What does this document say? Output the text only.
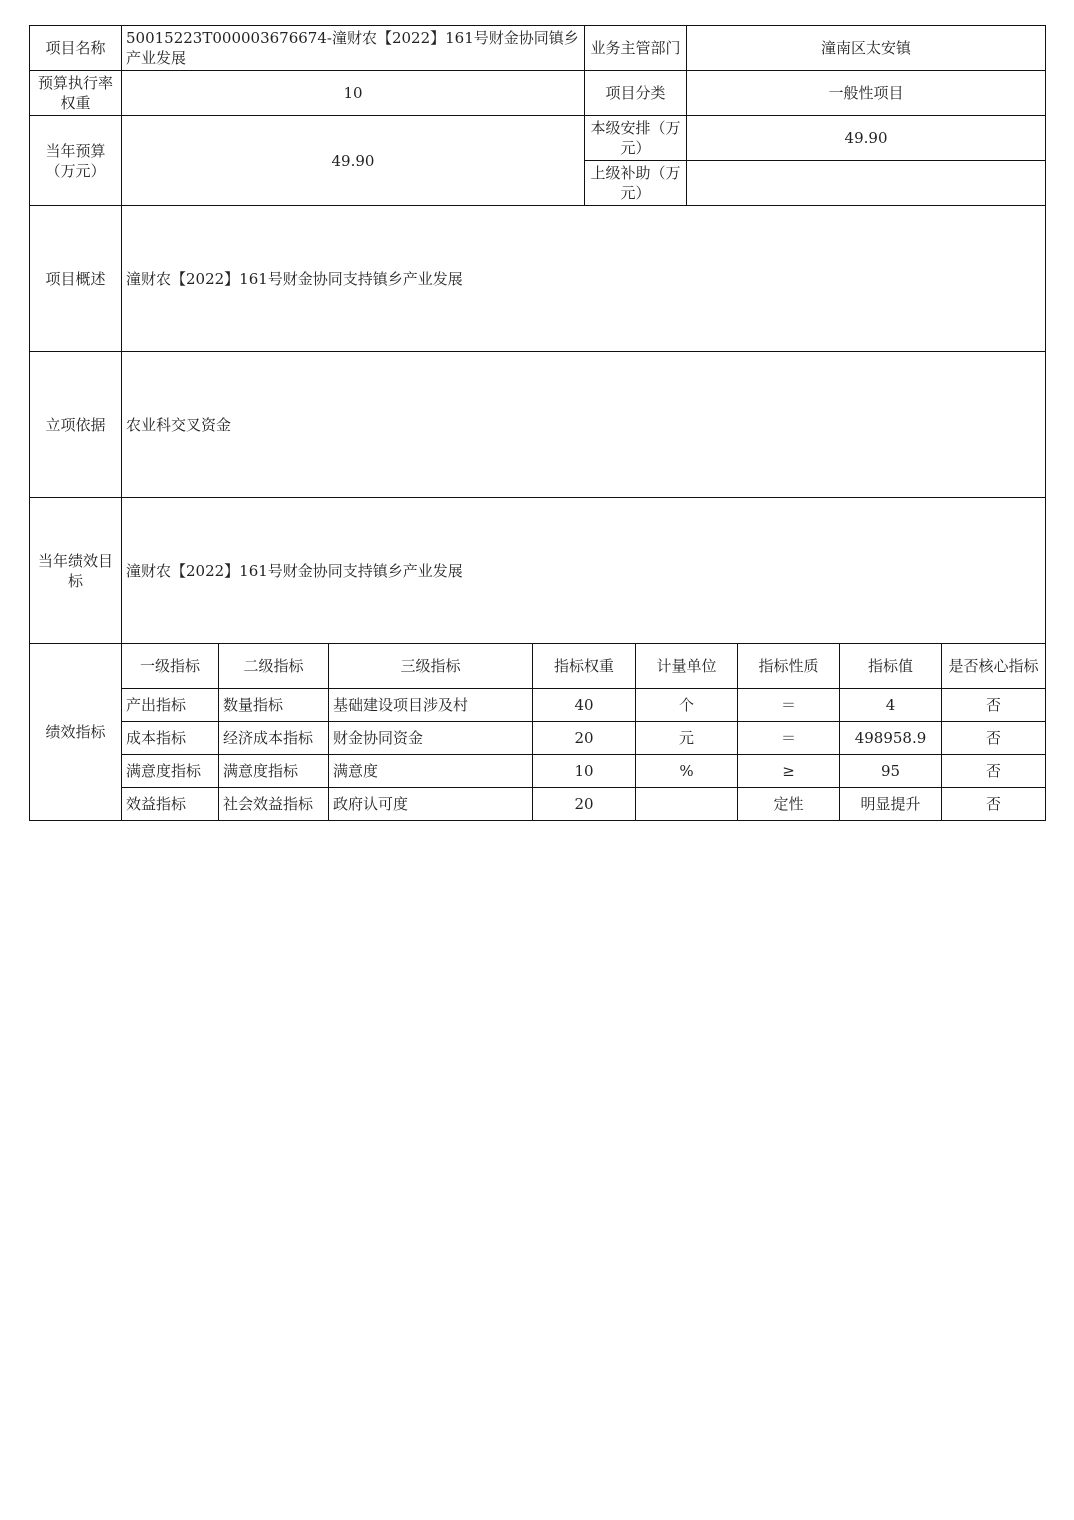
项目名称	50015223T000003676674-潼财农【2022】161号财金协同镇乡产业发展				业务主管部门		潼南区太安镇			
预算执行率权重	10				项目分类		一般性项目			
当年预算（万元）	49.90				本级安排（万元）		49.90			
					上级补助（万元）					
项目概述	潼财农【2022】161号财金协同支持镇乡产业发展									
立项依据	农业科交叉资金									
当年绩效目标	潼财农【2022】161号财金协同支持镇乡产业发展									
绩效指标	一级指标	二级指标	三级指标	指标权重		计量单位		指标性质	指标值	是否核心指标
	产出指标	数量指标	基础建设项目涉及村	40		个		＝	4	否
	成本指标	经济成本指标	财金协同资金	20		元		＝	498958.9	否
	满意度指标	满意度指标	满意度	10		%		≥	95	否
	效益指标	社会效益指标	政府认可度	20				定性	明显提升	否
